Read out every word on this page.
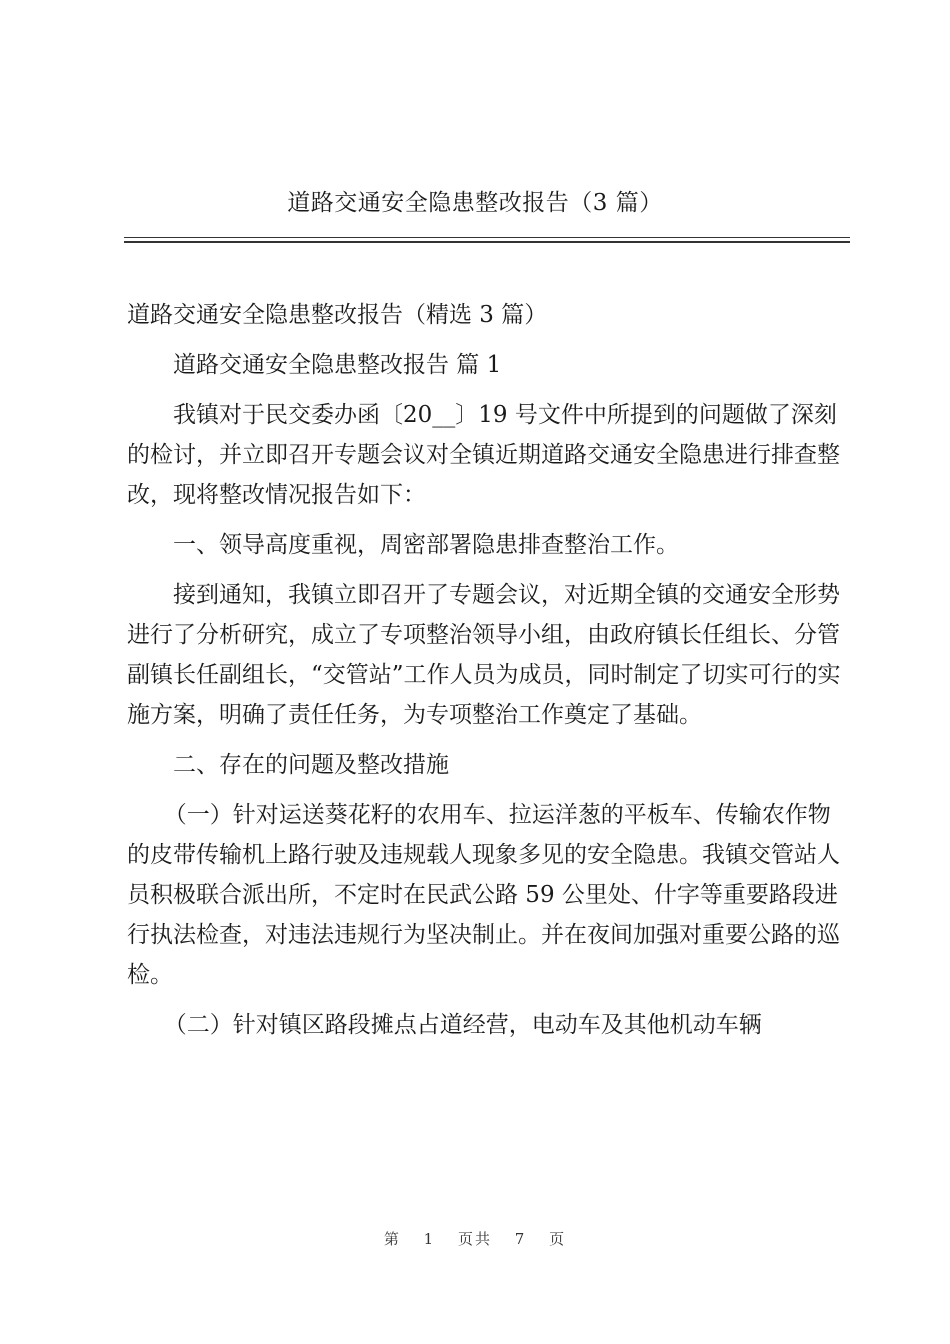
道路交通安全隐患整改报告（3 篇）

道路交通安全隐患整改报告（精选 3 篇）

道路交通安全隐患整改报告 篇 1

我镇对于民交委办函〔20__〕19 号文件中所提到的问题做了深刻的检讨，并立即召开专题会议对全镇近期道路交通安全隐患进行排查整改，现将整改情况报告如下：

一、领导高度重视，周密部署隐患排查整治工作。

接到通知，我镇立即召开了专题会议，对近期全镇的交通安全形势进行了分析研究，成立了专项整治领导小组，由政府镇长任组长、分管副镇长任副组长，“交管站”工作人员为成员，同时制定了切实可行的实施方案，明确了责任任务，为专项整治工作奠定了基础。

二、存在的问题及整改措施

（一）针对运送葵花籽的农用车、拉运洋葱的平板车、传输农作物的皮带传输机上路行驶及违规载人现象多见的安全隐患。我镇交管站人员积极联合派出所，不定时在民武公路 59 公里处、什字等重要路段进行执法检查，对违法违规行为坚决制止。并在夜间加强对重要公路的巡检。

（二）针对镇区路段摊点占道经营，电动车及其他机动车辆

第 1 页共 7 页
